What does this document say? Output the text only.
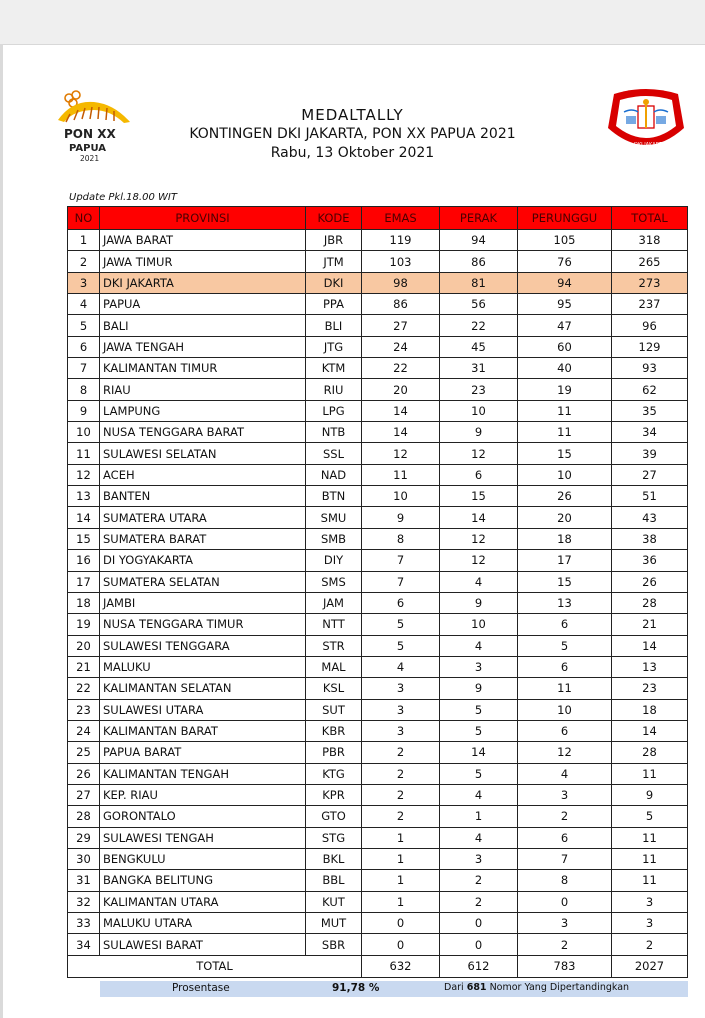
PON XX
PAPUA
2021
DKI JAKARTA
MEDALTALLY
KONTINGEN DKI JAKARTA, PON XX PAPUA 2021
Rabu, 13 Oktober 2021
Update Pkl.18.00 WIT
NO	PROVINSI	KODE	EMAS	PERAK	PERUNGGU	TOTAL
1	JAWA BARAT	JBR	119	94	105	318
2	JAWA TIMUR	JTM	103	86	76	265
3	DKI JAKARTA	DKI	98	81	94	273
4	PAPUA	PPA	86	56	95	237
5	BALI	BLI	27	22	47	96
6	JAWA TENGAH	JTG	24	45	60	129
7	KALIMANTAN TIMUR	KTM	22	31	40	93
8	RIAU	RIU	20	23	19	62
9	LAMPUNG	LPG	14	10	11	35
10	NUSA TENGGARA BARAT	NTB	14	9	11	34
11	SULAWESI SELATAN	SSL	12	12	15	39
12	ACEH	NAD	11	6	10	27
13	BANTEN	BTN	10	15	26	51
14	SUMATERA UTARA	SMU	9	14	20	43
15	SUMATERA BARAT	SMB	8	12	18	38
16	DI YOGYAKARTA	DIY	7	12	17	36
17	SUMATERA SELATAN	SMS	7	4	15	26
18	JAMBI	JAM	6	9	13	28
19	NUSA TENGGARA TIMUR	NTT	5	10	6	21
20	SULAWESI TENGGARA	STR	5	4	5	14
21	MALUKU	MAL	4	3	6	13
22	KALIMANTAN SELATAN	KSL	3	9	11	23
23	SULAWESI UTARA	SUT	3	5	10	18
24	KALIMANTAN BARAT	KBR	3	5	6	14
25	PAPUA BARAT	PBR	2	14	12	28
26	KALIMANTAN TENGAH	KTG	2	5	4	11
27	KEP. RIAU	KPR	2	4	3	9
28	GORONTALO	GTO	2	1	2	5
29	SULAWESI TENGAH	STG	1	4	6	11
30	BENGKULU	BKL	1	3	7	11
31	BANGKA BELITUNG	BBL	1	2	8	11
32	KALIMANTAN UTARA	KUT	1	2	0	3
33	MALUKU UTARA	MUT	0	0	3	3
34	SULAWESI BARAT	SBR	0	0	2	2
TOTAL			632	612	783	2027
Prosentase	91,78 %	Dari 681 Nomor Yang Dipertandingkan
